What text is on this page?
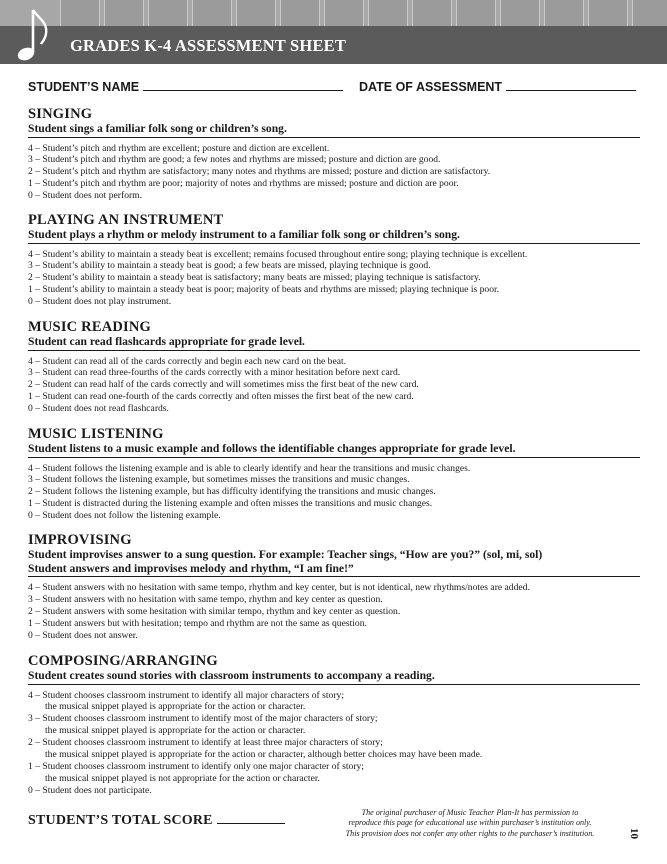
GRADES K-4 ASSESSMENT SHEET
STUDENT’S NAME	DATE OF ASSESSMENT
SINGING
Student sings a familiar folk song or children’s song.
4 – Student’s pitch and rhythm are excellent; posture and diction are excellent.
3 – Student’s pitch and rhythm are good; a few notes and rhythms are missed; posture and diction are good.
2 – Student’s pitch and rhythm are satisfactory; many notes and rhythms are missed; posture and diction are satisfactory.
1 – Student’s pitch and rhythm are poor; majority of notes and rhythms are missed; posture and diction are poor.
0 – Student does not perform.
PLAYING AN INSTRUMENT
Student plays a rhythm or melody instrument to a familiar folk song or children’s song.
4 – Student’s ability to maintain a steady beat is excellent; remains focused throughout entire song; playing technique is excellent.
3 – Student’s ability to maintain a steady beat is good; a few beats are missed, playing technique is good.
2 – Student’s ability to maintain a steady beat is satisfactory; many beats are missed; playing technique is satisfactory.
1 – Student’s ability to maintain a steady beat is poor; majority of beats and rhythms are missed; playing technique is poor.
0 – Student does not play instrument.
MUSIC READING
Student can read flashcards appropriate for grade level.
4 – Student can read all of the cards correctly and begin each new card on the beat.
3 – Student can read three-fourths of the cards correctly with a minor hesitation before next card.
2 – Student can read half of the cards correctly and will sometimes miss the first beat of the new card.
1 – Student can read one-fourth of the cards correctly and often misses the first beat of the new card.
0 – Student does not read flashcards.
MUSIC LISTENING
Student listens to a music example and follows the identifiable changes appropriate for grade level.
4 – Student follows the listening example and is able to clearly identify and hear the transitions and music changes.
3 – Student follows the listening example, but sometimes misses the transitions and music changes.
2 – Student follows the listening example, but has difficulty identifying the transitions and music changes.
1 – Student is distracted during the listening example and often misses the transitions and music changes.
0 – Student does not follow the listening example.
IMPROVISING
Student improvises answer to a sung question. For example: Teacher sings, “How are you?” (sol, mi, sol)
Student answers and improvises melody and rhythm, “I am fine!”
4 – Student answers with no hesitation with same tempo, rhythm and key center, but is not identical, new rhythms/notes are added.
3 – Student answers with no hesitation with same tempo, rhythm and key center as question.
2 – Student answers with some hesitation with similar tempo, rhythm and key center as question.
1 – Student answers but with hesitation; tempo and rhythm are not the same as question.
0 – Student does not answer.
COMPOSING/ARRANGING
Student creates sound stories with classroom instruments to accompany a reading.
4 – Student chooses classroom instrument to identify all major characters of story;
the musical snippet played is appropriate for the action or character.
3 – Student chooses classroom instrument to identify most of the major characters of story;
the musical snippet played is appropriate for the action or character.
2 – Student chooses classroom instrument to identify at least three major characters of story;
the musical snippet played is appropriate for the action or character, although better choices may have been made.
1 – Student chooses classroom instrument to identify only one major character of story;
the musical snippet played is not appropriate for the action or character.
0 – Student does not participate.
STUDENT’S TOTAL SCORE
The original purchaser of Music Teacher Plan-It has permission to
reproduce this page for educational use within purchaser’s institution only.
This provision does not confer any other rights to the purchaser’s institution.	10
